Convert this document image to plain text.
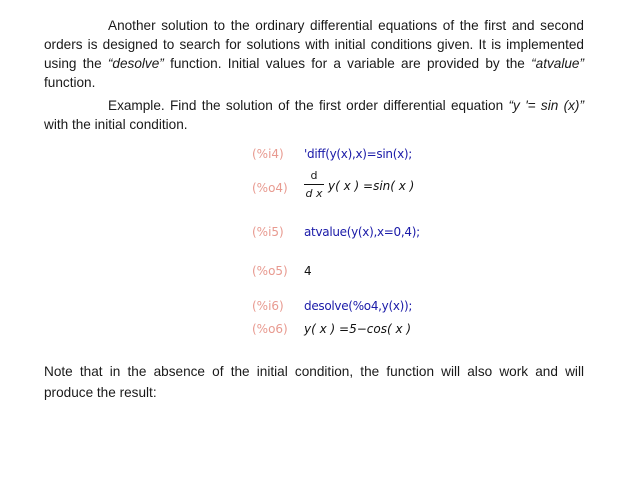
Another solution to the ordinary differential equations of the first and second orders is designed to search for solutions with initial conditions given. It is implemented using the “desolve” function. Initial values for a variable are provided by the “atvalue” function.

Example. Find the solution of the first order differential equation “y '= sin (x)” with the initial condition.

(%i4) 'diff(y(x),x)=sin(x);
(%o4)
d
d x
y( x ) =sin( x )
(%i5) atvalue(y(x),x=0,4);
(%o5) 4
(%i6) desolve(%o4,y(x));
(%o6) y( x ) =5−cos( x )

Note that in the absence of the initial condition, the function will also work and will produce the result:
